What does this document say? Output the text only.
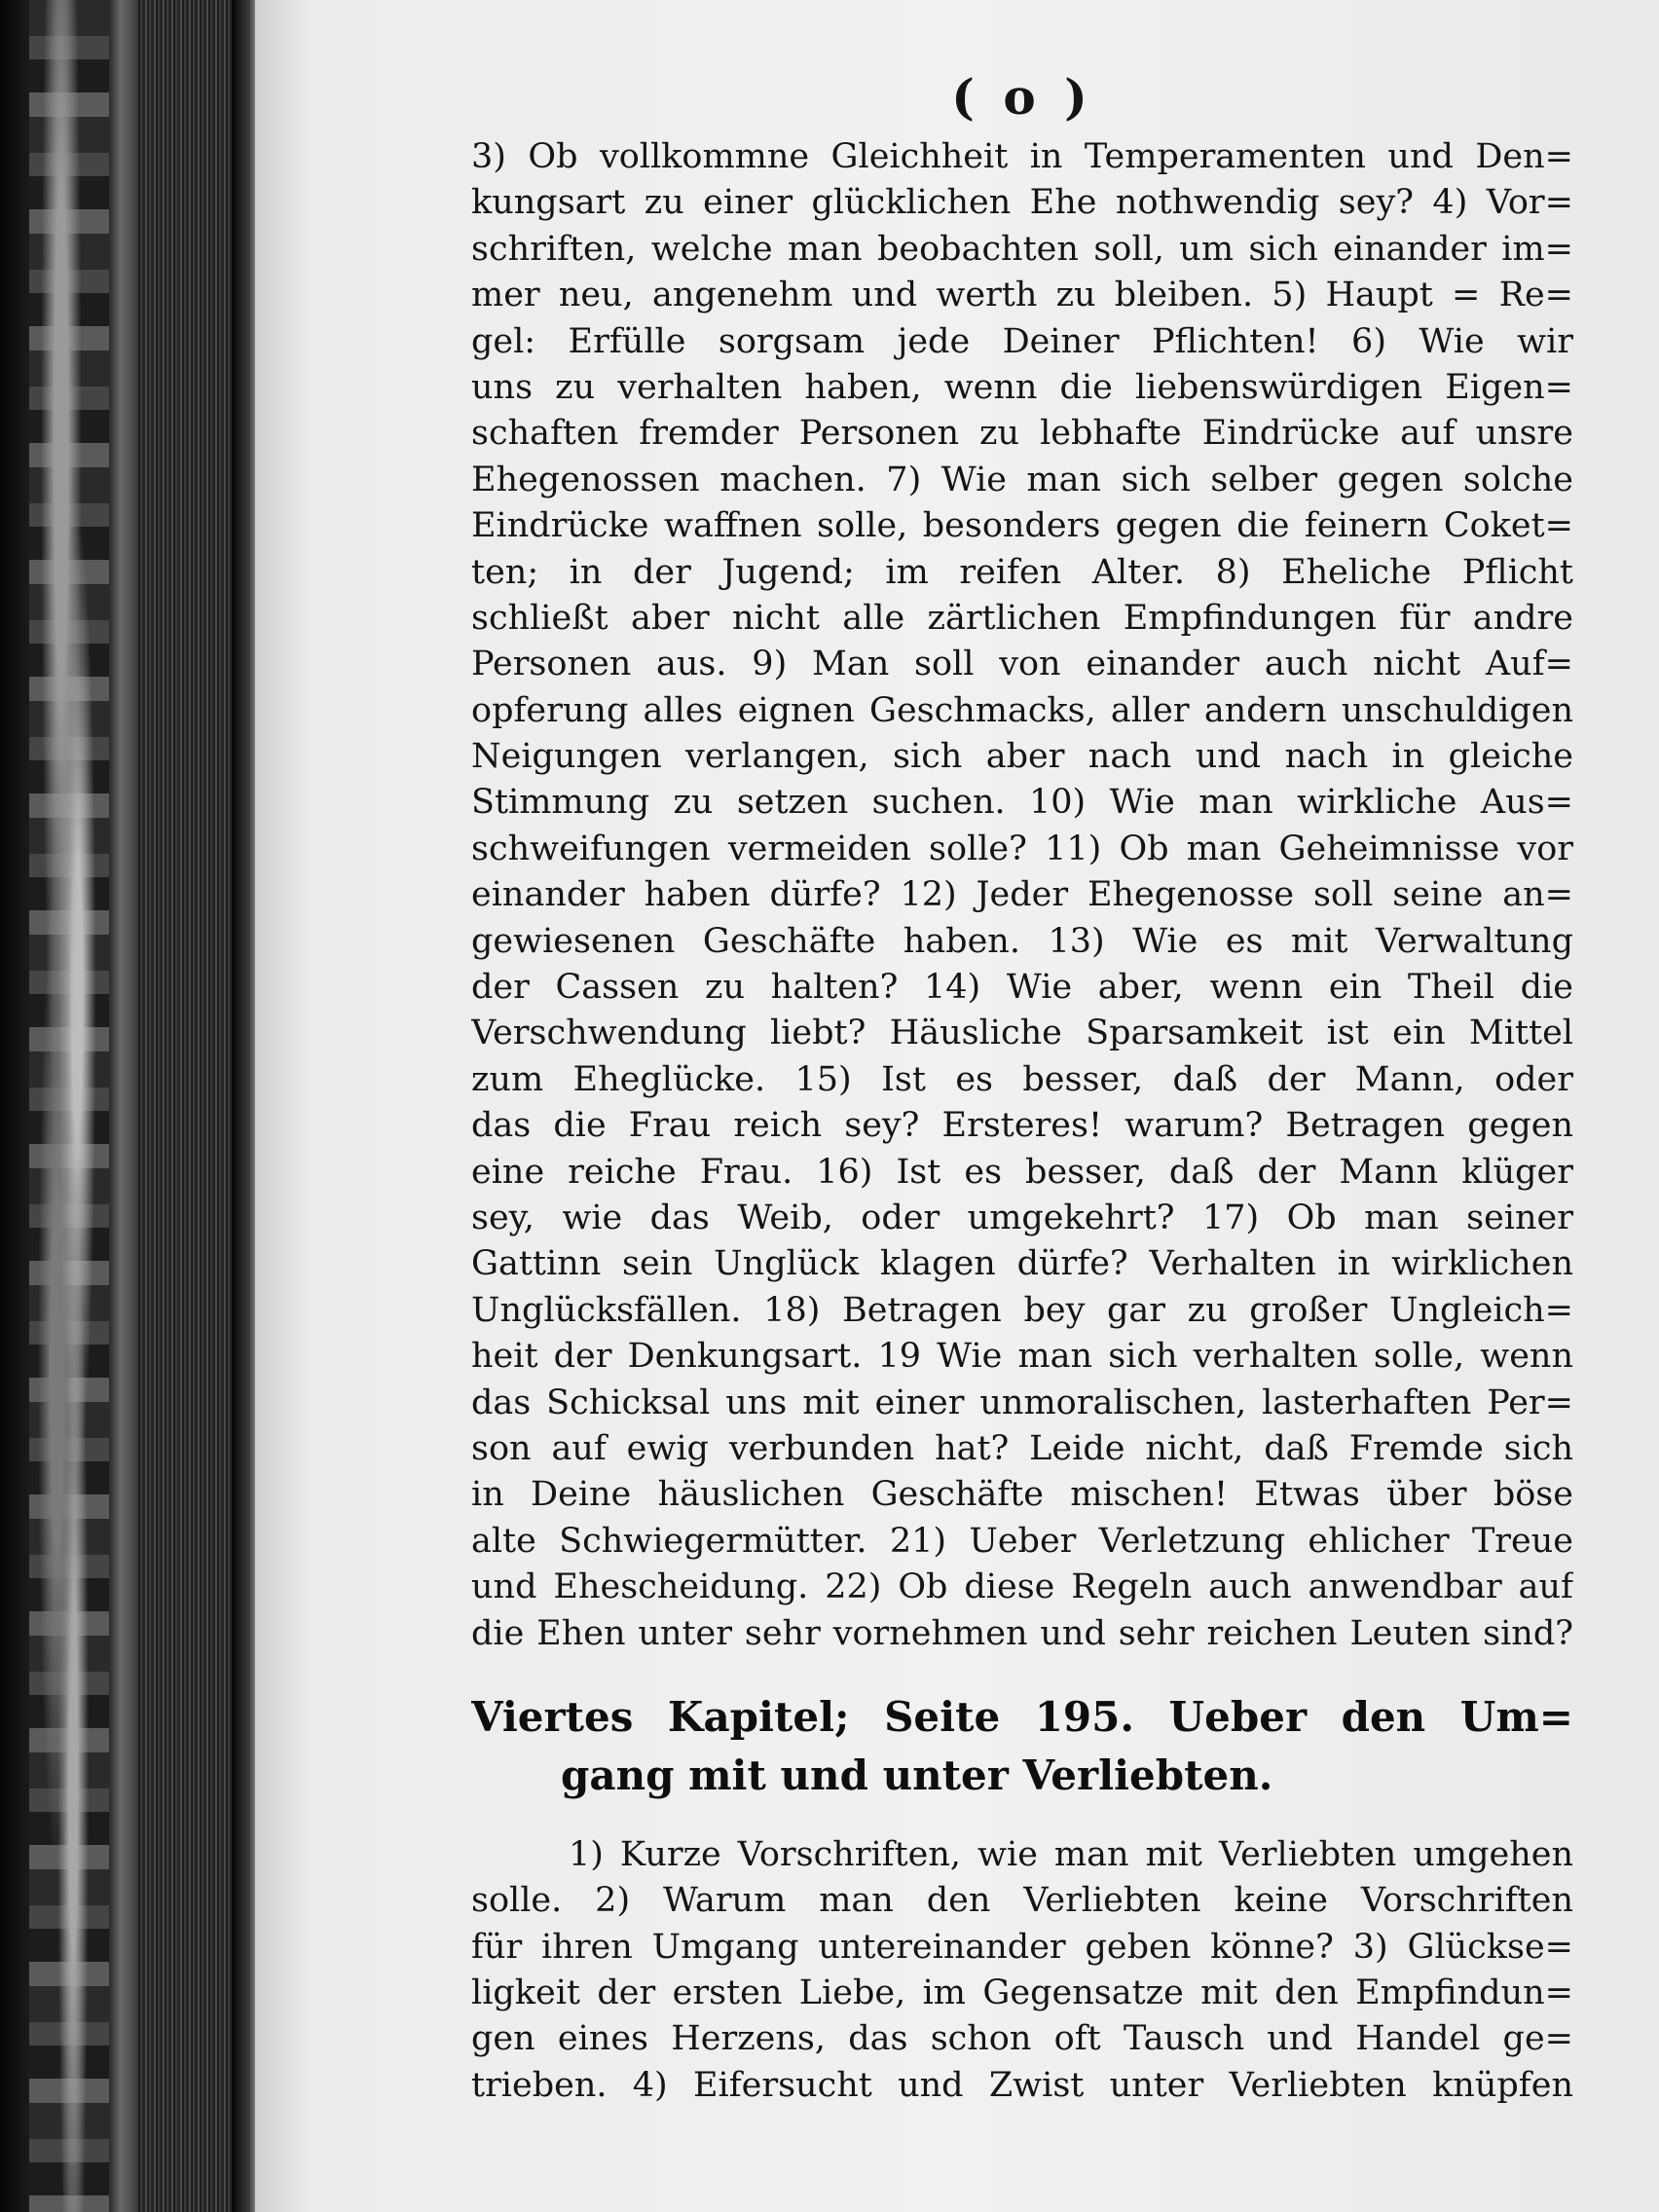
( o )
3) Ob vollkommne Gleichheit in Temperamenten und Den=
kungsart zu einer glücklichen Ehe nothwendig sey? 4) Vor=
schriften, welche man beobachten soll, um sich einander im=
mer neu, angenehm und werth zu bleiben. 5) Haupt = Re=
gel: Erfülle sorgsam jede Deiner Pflichten! 6) Wie wir
uns zu verhalten haben, wenn die liebenswürdigen Eigen=
schaften fremder Personen zu lebhafte Eindrücke auf unsre
Ehegenossen machen. 7) Wie man sich selber gegen solche
Eindrücke waffnen solle, besonders gegen die feinern Coket=
ten; in der Jugend; im reifen Alter. 8) Eheliche Pflicht
schließt aber nicht alle zärtlichen Empfindungen für andre
Personen aus. 9) Man soll von einander auch nicht Auf=
opferung alles eignen Geschmacks, aller andern unschuldigen
Neigungen verlangen, sich aber nach und nach in gleiche
Stimmung zu setzen suchen. 10) Wie man wirkliche Aus=
schweifungen vermeiden solle? 11) Ob man Geheimnisse vor
einander haben dürfe? 12) Jeder Ehegenosse soll seine an=
gewiesenen Geschäfte haben. 13) Wie es mit Verwaltung
der Cassen zu halten? 14) Wie aber, wenn ein Theil die
Verschwendung liebt? Häusliche Sparsamkeit ist ein Mittel
zum Eheglücke. 15) Ist es besser, daß der Mann, oder
das die Frau reich sey? Ersteres! warum? Betragen gegen
eine reiche Frau. 16) Ist es besser, daß der Mann klüger
sey, wie das Weib, oder umgekehrt? 17) Ob man seiner
Gattinn sein Unglück klagen dürfe? Verhalten in wirklichen
Unglücksfällen. 18) Betragen bey gar zu großer Ungleich=
heit der Denkungsart. 19 Wie man sich verhalten solle, wenn
das Schicksal uns mit einer unmoralischen, lasterhaften Per=
son auf ewig verbunden hat? Leide nicht, daß Fremde sich
in Deine häuslichen Geschäfte mischen! Etwas über böse
alte Schwiegermütter. 21) Ueber Verletzung ehlicher Treue
und Ehescheidung. 22) Ob diese Regeln auch anwendbar auf
die Ehen unter sehr vornehmen und sehr reichen Leuten sind?
Viertes Kapitel; Seite 195. Ueber den Um=
gang mit und unter Verliebten.
1) Kurze Vorschriften, wie man mit Verliebten umgehen
solle. 2) Warum man den Verliebten keine Vorschriften
für ihren Umgang untereinander geben könne? 3) Glückse=
ligkeit der ersten Liebe, im Gegensatze mit den Empfindun=
gen eines Herzens, das schon oft Tausch und Handel ge=
trieben. 4) Eifersucht und Zwist unter Verliebten knüpfen
